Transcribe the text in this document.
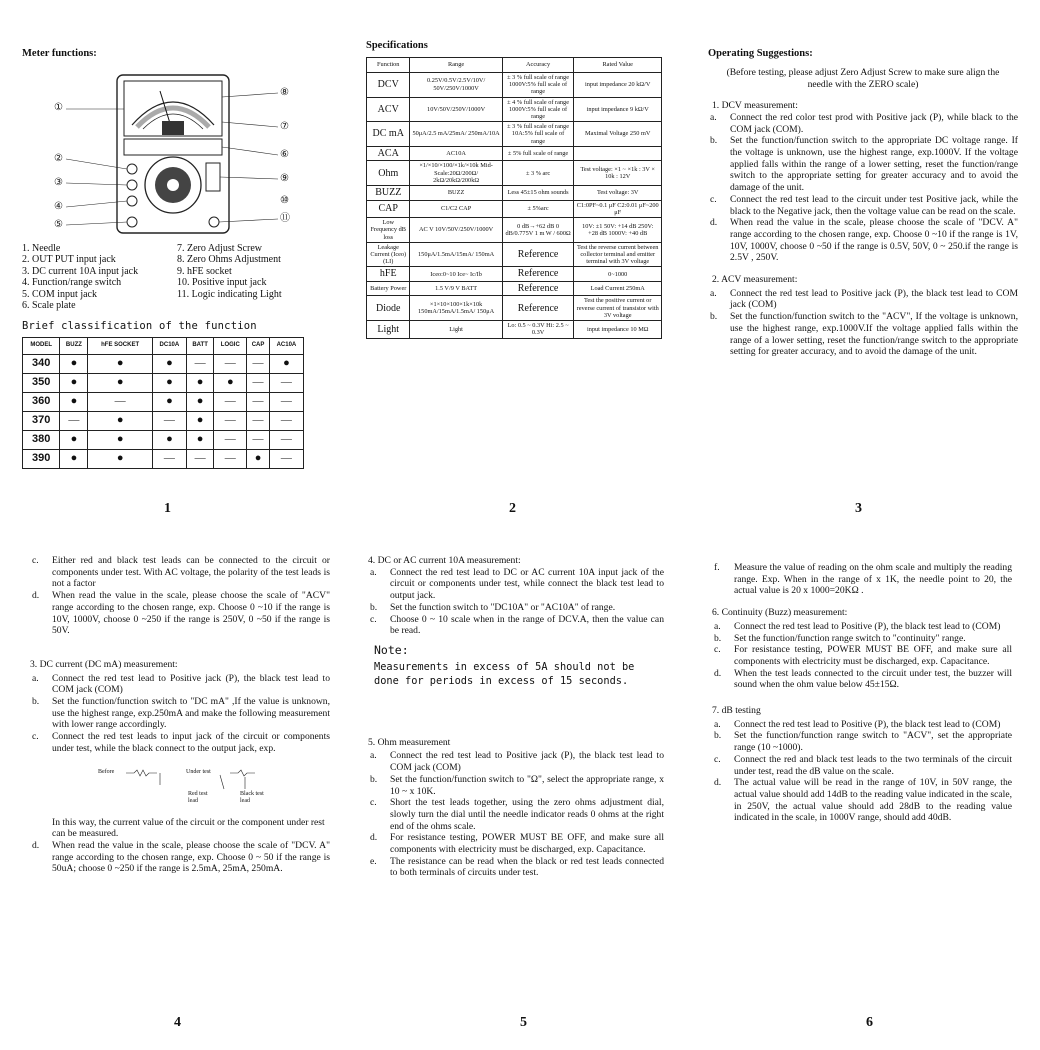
Meter functions:
①
②
③
④
⑤
⑧
⑦
⑥
⑨
⑪
⑩
1. Needle	7. Zero Adjust Screw
2. OUT PUT input jack	8. Zero Ohms Adjustment
3. DC current 10A input jack	9. hFE socket
4. Function/range switch	10. Positive input jack
5. COM input jack	11. Logic indicating Light
6. Scale plate
Brief classification of the function
MODEL	BUZZ	hFE SOCKET	DC10A	BATT	LOGIC	CAP	AC10A
340	●	●	●	—	—	—	●
350	●	●	●	●	●	—	—
360	●	—	●	●	—	—	—
370	—	●	—	●	—	—	—
380	●	●	●	●	—	—	—
390	●	●	—	—	—	●	—
1
Specifications
Function	Range	Accuracy	Rated Value
DCV	0.25V/0.5V/2.5V/10V/ 50V/250V/1000V	± 3 % full scale of range 1000V:5% full scale of range	input impedance 20 kΩ/V
ACV	10V/50V/250V/1000V	± 4 % full scale of range 1000V:5% full scale of range	input impedance 9 kΩ/V
DC mA	50μA/2.5 mA/25mA/ 250mA/10A	± 3 % full scale of range 10A:5% full scale of range	Maximal Voltage 250 mV
ACA	AC10A	± 5% full scale of range	
Ohm	×1/×10/×100/×1k/×10k Mid-Scale:20Ω/200Ω/ 2kΩ/20kΩ/200kΩ	± 3 % arc	Test voltage: ×1 ~ ×1k : 3V × 10k : 12V
BUZZ	BUZZ	Less 45±15 ohm sounds	Test voltage: 3V
CAP	C1/C2 CAP	± 5%arc	C1:0PF~0.1 μF C2:0.01 μF~200 μF
Low Frequency dB loss	AC V 10V/50V/250V/1000V	0 dB→+62 dB 0 dB/0.775V 1 m W / 600Ω	10V: ±1 50V: +14 dB 250V: +28 dB 1000V: +40 dB
Leakage Current (Iceo) (LI)	150μA/1.5mA/15mA/ 150mA	Reference	Test the reverse current between collector terminal and emitter terminal with 3V voltage
hFE	Iceo:0~10 Ice~ Ic/Ib	Reference	0~1000
Battery Power	1.5 V/9 V BATT	Reference	Load Current 250mA
Diode	×1×10×100×1k×10k 150mA/15mA/1.5mA/ 150μA	Reference	Test the positive current or reverse current of transistor with 3V voltage
Light	Light	Lo: 0.5 ~ 0.3V Hi: 2.5 ~ 0.3V	input impedance 10 MΩ
2
Operating Suggestions:
(Before testing, please adjust Zero Adjust Screw to make sure align the needle with the ZERO scale)
1. DCV measurement:
a.	Connect the red color test prod with Positive jack (P), while black to the COM jack (COM).
b.	Set the function/function switch to the appropriate DC voltage range. If the voltage is unknown, use the highest range, exp.1000V. If the voltage applied falls within the range of a lower setting, reset the function/range switch to the appropriate setting for greater accuracy and to avoid the damage of the unit.
c.	Connect the red test lead to the circuit under test Positive jack, while the black to the Negative jack, then the voltage value can be read on the scale.
d.	When read the value in the scale, please choose the scale of "DCV. A" range according to the chosen range, exp. Choose 0 ~10 if the range is 1V, 10V, 1000V, choose 0 ~50 if the range is 0.5V, 50V, 0 ~ 250.if the range is 2.5V , 250V.
2. ACV measurement:
a.	Connect the red test lead to Positive jack (P), the black test lead to COM jack (COM)
b.	Set the function/function switch to the "ACV", If the voltage is unknown, use the highest range, exp.1000V.If the voltage applied falls within the range of a lower setting, reset the function/range switch to the appropriate setting for greater accuracy, and to avoid the damage of the unit.
3
c.	Either red and black test leads can be connected to the circuit or components under test. With AC voltage, the polarity of the test leads is not a factor
d.	When read the value in the scale, please choose the scale of "ACV" range according to the chosen range, exp. Choose 0 ~10 if the range is 10V, 1000V, choose 0 ~250 if the range is 250V, 0 ~50 if the range is 50V.
3. DC current (DC mA) measurement:
a.	Connect the red test lead to Positive jack (P), the black test lead to COM jack (COM)
b.	Set the function/function switch to "DC mA" ,If the value is unknown, use the highest range, exp.250mA and make the following measurement with lower range accordingly.
c.	Connect the red test leads to input jack of the circuit or components under test, while the black connect to the output jack, exp.
Before	Under test
Red test lead
Black test lead
In this way, the current value of the circuit or the component under rest can be measured.
d.	When read the value in the scale, please choose the scale of "DCV. A" range according to the chosen range, exp. Choose 0 ~ 50 if the range is 50uA; choose 0 ~250 if the range is 2.5mA, 25mA, 250mA.
4
4. DC or AC current 10A measurement:
a.	Connect the red test lead to DC or AC current 10A input jack of the circuit or components under test, while connect the black test lead to output jack.
b.	Set the function switch to "DC10A" or "AC10A" of range.
c.	Choose 0 ~ 10 scale when in the range of DCV.A, then the value can be read.
Note:
Measurements in excess of 5A should not be done for periods in excess of 15 seconds.
5. Ohm measurement
a.	Connect the red test lead to Positive jack (P), the black test lead to COM jack (COM)
b.	Set the function/function switch to "Ω", select the appropriate range, x 10 ~ x 10K.
c.	Short the test leads together, using the zero ohms adjustment dial, slowly turn the dial until the needle indicator reads 0 ohms at the right end of the ohms scale.
d.	For resistance testing, POWER MUST BE OFF, and make sure all components with electricity must be discharged, exp. Capacitance.
e.	The resistance can be read when the black or red test leads connected to both terminals of circuits under test.
5
f.	Measure the value of reading on the ohm scale and multiply the reading range. Exp. When in the range of x 1K, the needle point to 20, the actual value is 20 x 1000=20KΩ .
6. Continuity (Buzz) measurement:
a.	Connect the red test lead to Positive (P), the black test lead to (COM)
b.	Set the function/function range switch to "continuity" range.
c.	For resistance testing, POWER MUST BE OFF, and make sure all components with electricity must be discharged, exp. Capacitance.
d.	When the test leads connected to the circuit under test, the buzzer will sound when the ohm value below 45±15Ω.
7. dB testing
a.	Connect the red test lead to Positive (P), the black test lead to (COM)
b.	Set the function/function range switch to "ACV", set the appropriate range (10 ~1000).
c.	Connect the red and black test leads to the two terminals of the circuit under test, read the dB value on the scale.
d.	The actual value will be read in the range of 10V, in 50V range, the actual value should add 14dB to the reading value indicated in the scale, in 250V, the actual value should add 28dB to the reading value indicated in the scale, in 1000V range, should add 40dB.
6
